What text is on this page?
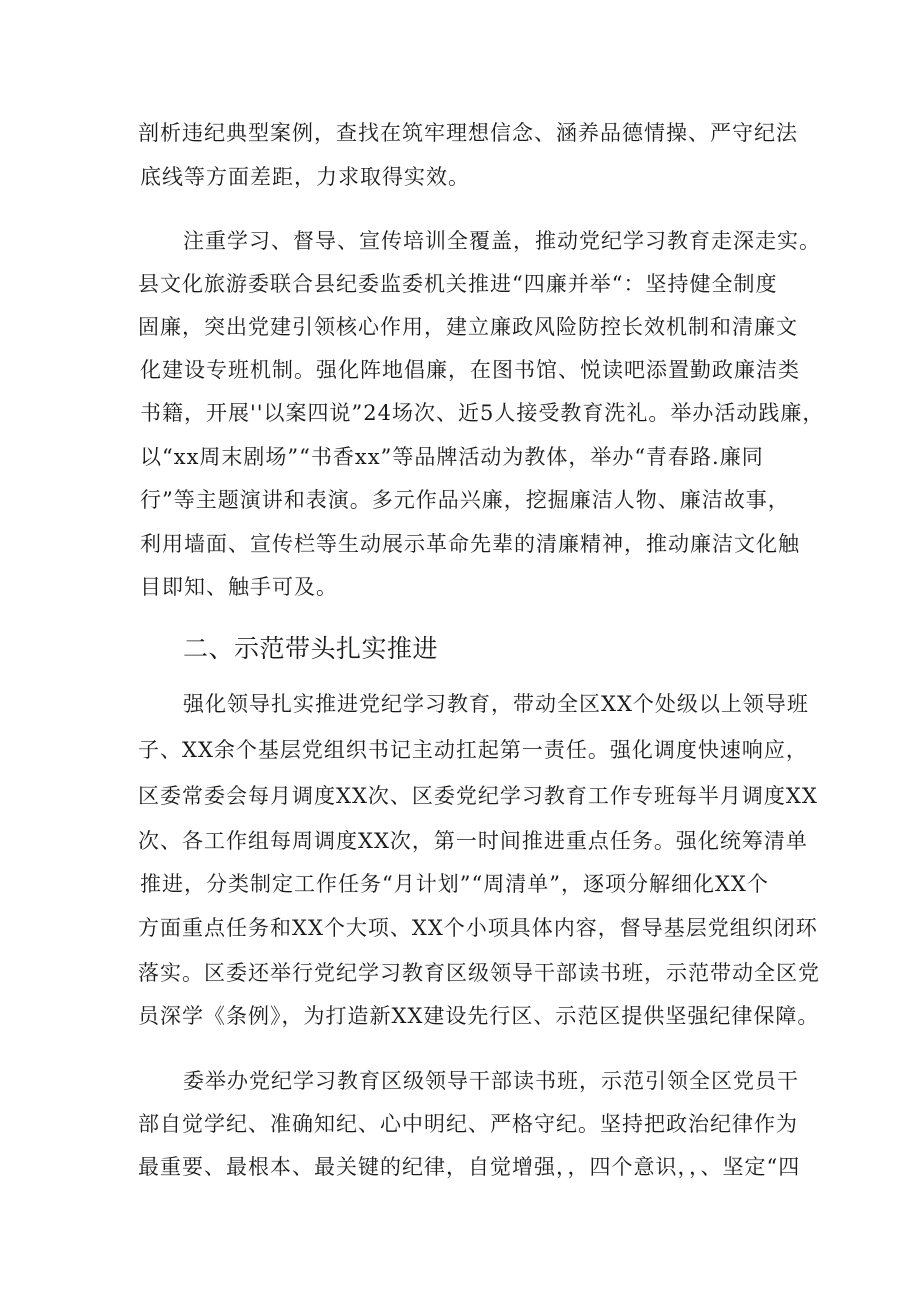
剖析违纪典型案例，查找在筑牢理想信念、涵养品德情操、严守纪法
底线等方面差距，力求取得实效。
注重学习、督导、宣传培训全覆盖，推动党纪学习教育走深走实。
县文化旅游委联合县纪委监委机关推进“四廉并举“：坚持健全制度
固廉，突出党建引领核心作用，建立廉政风险防控长效机制和清廉文
化建设专班机制。强化阵地倡廉，在图书馆、悦读吧添置勤政廉洁类
书籍，开展''以案四说”24场次、近5人接受教育洗礼。举办活动践廉，
以“xx周末剧场”“书香xx”等品牌活动为教体，举办“青春路.廉同
行”等主题演讲和表演。多元作品兴廉，挖掘廉洁人物、廉洁故事，
利用墙面、宣传栏等生动展示革命先辈的清廉精神，推动廉洁文化触
目即知、触手可及。
二、示范带头扎实推进
强化领导扎实推进党纪学习教育，带动全区XX个处级以上领导班
子、XX余个基层党组织书记主动扛起第一责任。强化调度快速响应，
区委常委会每月调度XX次、区委党纪学习教育工作专班每半月调度XX
次、各工作组每周调度XX次，第一时间推进重点任务。强化统筹清单
推进，分类制定工作任务“月计划”“周清单”，逐项分解细化XX个
方面重点任务和XX个大项、XX个小项具体内容，督导基层党组织闭环
落实。区委还举行党纪学习教育区级领导干部读书班，示范带动全区党
员深学《条例》，为打造新XX建设先行区、示范区提供坚强纪律保障。
委举办党纪学习教育区级领导干部读书班，示范引领全区党员干
部自觉学纪、准确知纪、心中明纪、严格守纪。坚持把政治纪律作为
最重要、最根本、最关键的纪律，自觉增强，，四个意识，，、坚定“四
